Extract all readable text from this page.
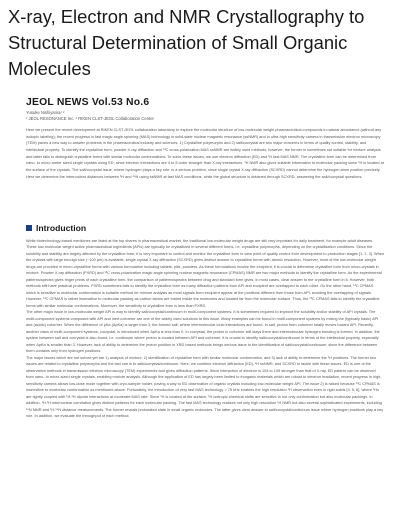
X-ray, Electron and NMR Crystallography to Structural Determination of Small Organic Molecules
JEOL NEWS Vol.53 No.6
Yusuke Nishiyama¹ ²
¹ JEOL RESONANCE Inc. ² RIKEN CLST-JEOL Collaboration Center

Here we present the recent development at RIKEN CLST-JEOL collaboration laboratory to explore the molecular structure of low-molecular weight pharmaceutical compounds in natural abundance (without any isotopic labeling); the recent progress in fast magic angle spinning (MAS) technology in solid-state nuclear magnetic resonance (ssNMR) and in ultra-high sensitivity camera in transmission electron microscopy (TEM) paves a new way to answer problems in the pharmaceutical industry and sciences. 1) Crystalline polymorphs and 2) salt/cocrystal are two major concerns in terms of quality control, stability, and intellectual property. To identify the crystalline form, powder X-ray diffraction and ¹³C cross-polarization MAS ssNMR are widely used methods, however, the former is sometimes not suitable for mixture analysis and latter fails to distinguish crystalline forms with similar molecular conformations. To solve these issues, we use electron diffraction (ED) and ¹H fast MAS NMR. The crystalline form can be determined from nano- to micro-meter sized single crystals using ED, since electron interactions are 4 to 5 order stronger than X-ray interactions. ¹H NMR also gives suitable information to molecular packing since ¹H is located at the surface of the crystals. The salt/cocrystal issue, where hydrogen plays a key role, is a serious problem, since single crystal X-ray diffraction (SCXRD) cannot determine the hydrogen atom position precisely. Here we determine the internuclear distances between ¹H and ¹⁴N using ssNMR at fast MAS conditions, while the global structure is obtained through SCXRD, answering the salt/cocrystal questions.

Introduction

While biotechnology-based medicines are listed at the top shares in pharmaceutical market, the traditional low-molecular weight drugs are still very important for daily treatment, for example adult diseases. These low-molecular weight active pharmaceutical ingredients (APIs) are typically be crystallized in several different forms, i.e. crystalline polymorphs, depending on the crystallization conditions. Since the solubility and stability are largely affected by the crystalline form, it is very important to control and monitor the crystalline form in view point of quality control from development to production stages [1, 2, 3]. When the crystals with large enough size (~100 μm) is available, single crystal X-ray diffraction (SCXRD) gives distinct answer to crystalline forms with atomic resolution. However, most of the low-molecular weight drugs are provided in micro-crystalline forms with various formulation including tablets, pills, powders. As these formulations involve the excipient, it is crucial to determine crystalline form from micro-crystals in mixture. Powder X-ray diffraction (PXRD) and ¹³C cross-polarization magic angle spinning nuclear magnetic resonance (CPMAS) NMR are two major methods to identify the crystalline form. As the experimental patterns/spectra gives finger prints of each crystalline form, the comparison of patterns/spectra between drug and standard form gives, in most cases, clear answer to the crystalline form in it. However, both methods still have practical problems. PXRD sometimes fails to identify the crystalline form as many diffraction patterns from API and excipient are overlapped to each other. On the other hand, ¹³C CPMAS which is sensitive to molecular conformation is suitable method for mixture analysis as most signals from excipient appear at the positions different from those from API, avoiding the overlapping of signals. However, ¹³C CPMAS is rather insensitive to molecular packing as carbon atoms are buried inside the molecules and located far from the molecular surface. Thus, the ¹³C CPMAS fails to identify the crystalline forms with similar molecular conformations. Moreover, the sensitivity to crystalline form is less than PXRD.

The other major issue in low-molecular weight API is way to identify salt/cocrystal/continuum in multi-component systems. It is sometimes required to improve the solubility and/or stability of API crystals. The multi-component systems composed with API and inert coformer are one of the widely used solutions to this issue. Many examples can be found in multi-component systems by mixing the (typically basic) API and (acidic) coformer. When the difference of pKa (ΔpKa) is larger than 3, the formed salt, where intermolecular ionic interactions are found. In salt, proton from coformer totally moves toward API. Recently, another class of multi-component systems, cocrystal, is introduced when ΔpKa is less than 0. In cocrystal, the proton in coformer still stays there and intermolecular hydrogen bonding is formed. In addition, the system between salt and cocrystal is also found, i.e. continuum where proton is located between API and coformer. It is crucial to identify salt/cocrystal/continuum in terms of the intellectual property, especially when ΔpKa is smaller than 3. However, lack of ability to determine the proton position in XRD based methods brings serious issue to the identification of salt/cocrystal/continuum, since the difference between them contains only from hydrogen positions.

The major issues which are not solved yet are 1) analysis of mixture, 2) identification of crystalline form with similar molecular conformation, and 3) lack of ability to determine the ¹H positions. The former two issues are related to crystalline polymorphs and the last one is to salt/cocrystal/continuum. Here, we combine electron diffraction (ED), ¹H ssNMR, and SCXRD to tackle with these issues. ED is one of the observation methods in transmission electron microscopy (TEM) experiments and gives diffraction patterns. Since interaction of electron is 104 to 105 stronger than that of X-ray, ED pattern can be observed from nano- to micro-sized single crystals, enabling mixture analysis. Although the application of ED has largely been limited to inorganic materials which are robust to electron irradiation, recent progress in high-sensitivity camera allows low-dose mode together with cryo-sample holder, paving a way to ED observation of organic crystals including low-molecular weight API. The issue 2) is raised because ¹³C CPMAS is insensitive to molecular conformation as mentioned above. Fortunately, the introduction of very fast MAS technology > 75 kHz enables the high resolution ¹H observation even in rigid solids [4, 5, 6], where ¹Hs are tightly coupled with ¹H-¹H dipolar interactions at moderate MAS rate. Since ¹H is located at the surface, ¹H isotropic chemical shifts are sensitive to not only conformation but also molecular packings. In addition, ¹H-¹H internuclear correlation gives distinct patterns for each molecular packing. The fast MAS technology realizes not only high resolution ¹H NMR but also several sophisticated experiments, including ¹⁴N NMR and ¹H-¹⁴N distance measurements. The former reveals protonated state in small organic molecules. The latter gives clear answer to salt/cocrystal/continuum issue where hydrogen positions play a key role. In addition, we evaluate the throughput of each method.
